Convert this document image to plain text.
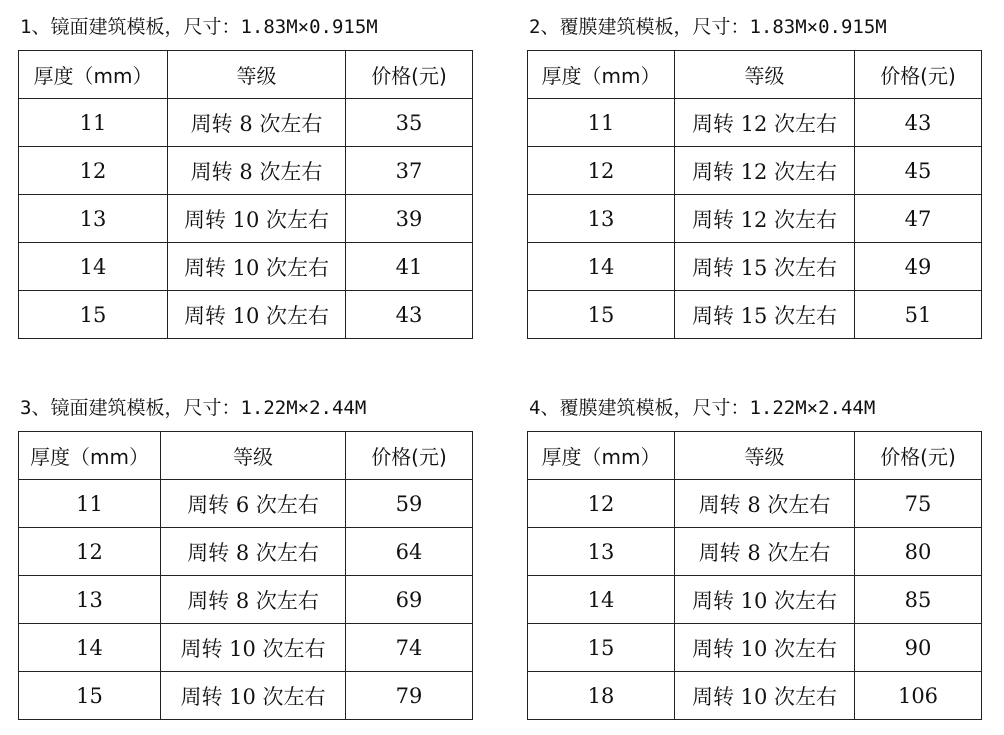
1、镜面建筑模板，尺寸：1.83M×0.915M
厚度（mm）	等级	价格(元)
11	周转 8 次左右	35
12	周转 8 次左右	37
13	周转 10 次左右	39
14	周转 10 次左右	41
15	周转 10 次左右	43
2、覆膜建筑模板，尺寸：1.83M×0.915M
厚度（mm）	等级	价格(元)
11	周转 12 次左右	43
12	周转 12 次左右	45
13	周转 12 次左右	47
14	周转 15 次左右	49
15	周转 15 次左右	51
3、镜面建筑模板，尺寸：1.22M×2.44M
厚度（mm）	等级	价格(元)
11	周转 6 次左右	59
12	周转 8 次左右	64
13	周转 8 次左右	69
14	周转 10 次左右	74
15	周转 10 次左右	79
4、覆膜建筑模板，尺寸：1.22M×2.44M
厚度（mm）	等级	价格(元)
12	周转 8 次左右	75
13	周转 8 次左右	80
14	周转 10 次左右	85
15	周转 10 次左右	90
18	周转 10 次左右	106
